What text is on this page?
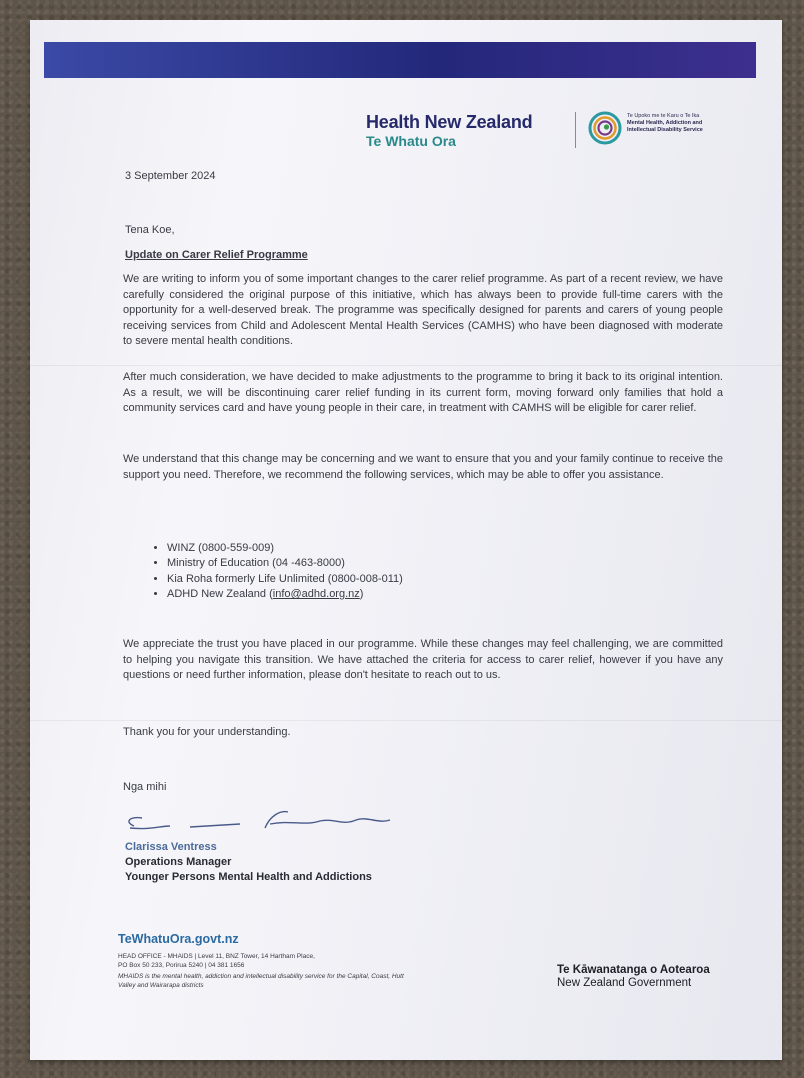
Health New Zealand
Te Whatu Ora
Te Upoko me te Karu o Te Ika
Mental Health, Addiction and
Intellectual Disability Service
3 September 2024
Tena Koe,
Update on Carer Relief Programme
We are writing to inform you of some important changes to the carer relief programme. As part of a recent review, we have carefully considered the original purpose of this initiative, which has always been to provide full-time carers with the opportunity for a well-deserved break. The programme was specifically designed for parents and carers of young people receiving services from Child and Adolescent Mental Health Services (CAMHS) who have been diagnosed with moderate to severe mental health conditions.
After much consideration, we have decided to make adjustments to the programme to bring it back to its original intention. As a result, we will be discontinuing carer relief funding in its current form, moving forward only families that hold a community services card and have young people in their care, in treatment with CAMHS will be eligible for carer relief.
We understand that this change may be concerning and we want to ensure that you and your family continue to receive the support you need. Therefore, we recommend the following services, which may be able to offer you assistance.
• WINZ (0800-559-009)
• Ministry of Education (04 -463-8000)
• Kia Roha formerly Life Unlimited (0800-008-011)
• ADHD New Zealand (info@adhd.org.nz)
We appreciate the trust you have placed in our programme. While these changes may feel challenging, we are committed to helping you navigate this transition. We have attached the criteria for access to carer relief, however if you have any questions or need further information, please don't hesitate to reach out to us.
Thank you for your understanding.
Nga mihi
Clarissa Ventress
Operations Manager
Younger Persons Mental Health and Addictions
TeWhatuOra.govt.nz
HEAD OFFICE - MHAIDS | Level 11, BNZ Tower, 14 Hartham Place,
PO Box 50 233, Porirua 5240 | 04 381 1656
MHAIDS is the mental health, addiction and intellectual disability service for the Capital, Coast, Hutt Valley and Wairarapa districts
Te Kāwanatanga o Aotearoa
New Zealand Government
